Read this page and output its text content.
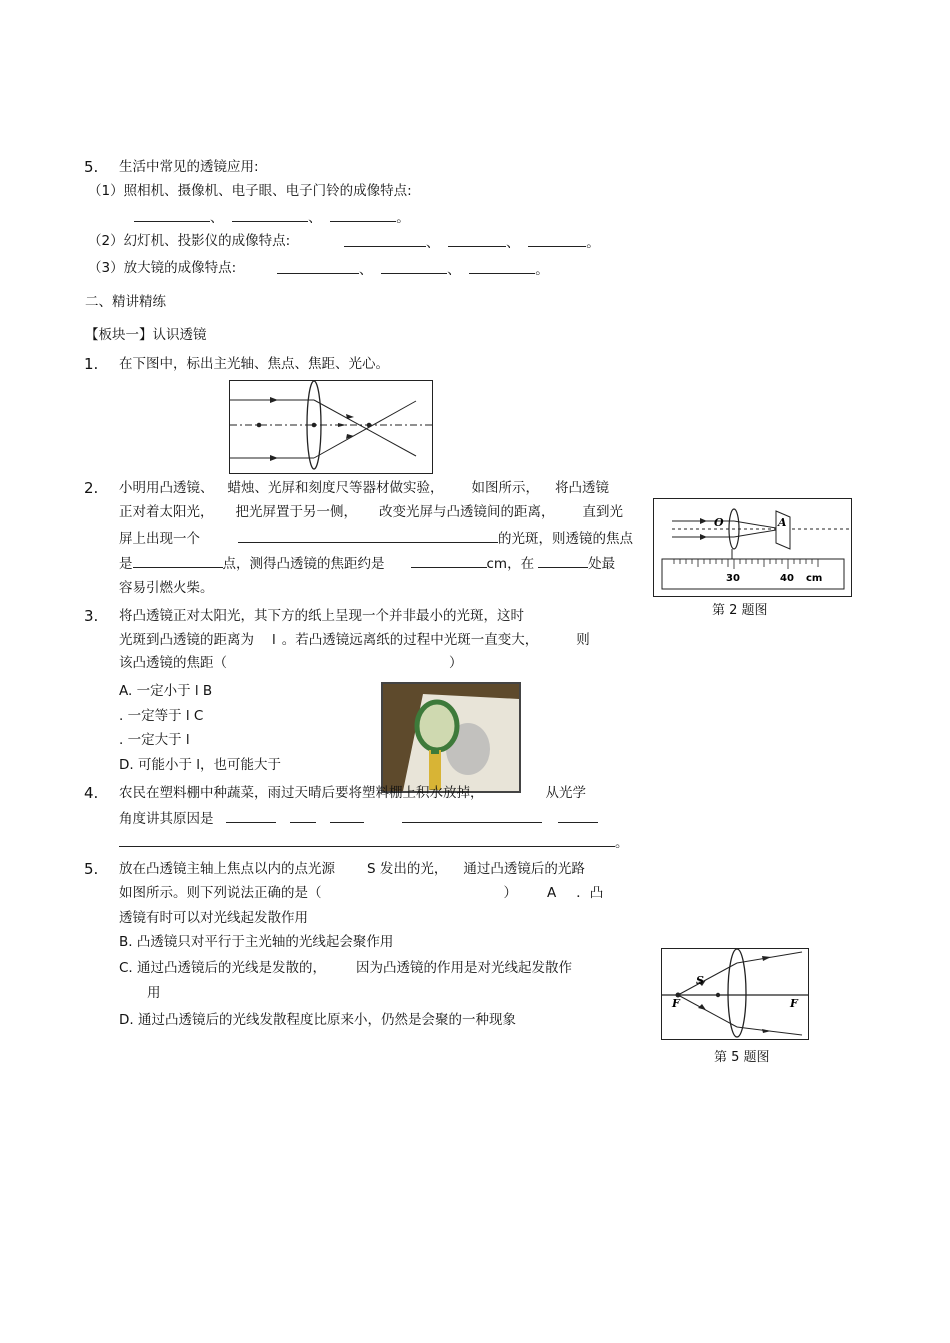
5. 生活中常见的透镜应用:
（1）照相机、摄像机、电子眼、电子门铃的成像特点:
、	、	。
（2）幻灯机、投影仪的成像特点:	、	、	。
（3）放大镜的成像特点:	、	、	。
二、精讲精练
【板块一】认识透镜
1. 在下图中，标出主光轴、焦点、焦距、光心。
2. 小明用凸透镜、 蜡烛、光屏和刻度尺等器材做实验， 如图所示， 将凸透镜
正对着太阳光， 把光屏置于另一侧， 改变光屏与凸透镜间的距离， 直到光
屏上出现一个	的光斑，则透镜的焦点
是	点，测得凸透镜的焦距约是	cm，在	处最
容易引燃火柴。
O	A
30	40 cm
第 2 题图
3. 将凸透镜正对太阳光，其下方的纸上呈现一个并非最小的光斑，这时
光斑到凸透镜的距离为 l 。若凸透镜远离纸的过程中光斑一直变大，	则
该凸透镜的焦距（	）
A. 一定小于 l B
. 一定等于 l C
. 一定大于 l
D. 可能小于 l，也可能大于
4. 农民在塑料棚中种蔬菜，雨过天晴后要将塑料棚上积水放掉，	从光学
角度讲其原因是
。
5. 放在凸透镜主轴上焦点以内的点光源 S 发出的光， 通过凸透镜后的光路
如图所示。则下列说法正确的是（	） A ．凸
透镜有时可以对光线起发散作用
B. 凸透镜只对平行于主光轴的光线起会聚作用
C. 通过凸透镜后的光线是发散的， 因为凸透镜的作用是对光线起发散作
用
D. 通过凸透镜后的光线发散程度比原来小，仍然是会聚的一种现象
F
S
F
第 5 题图
